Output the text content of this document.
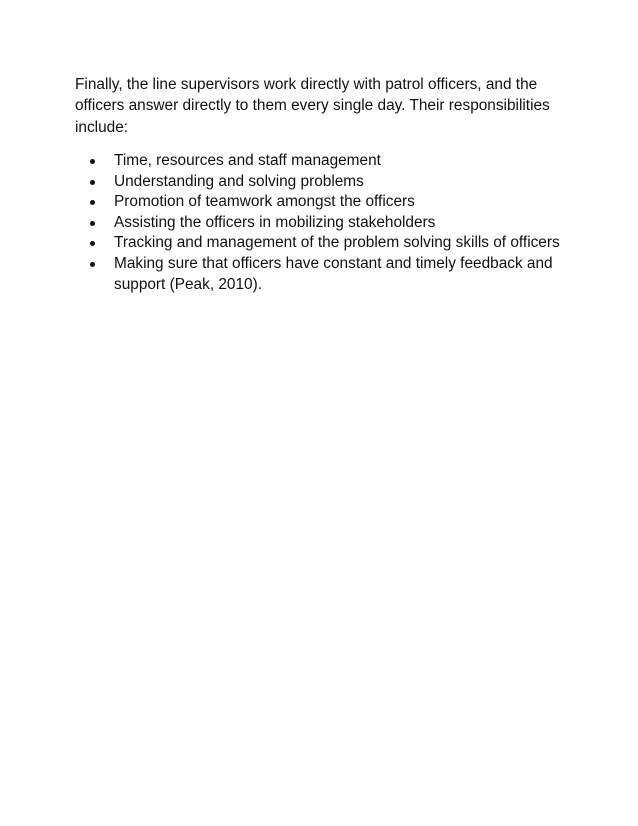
Finally, the line supervisors work directly with patrol officers, and the officers answer directly to them every single day. Their responsibilities include:

Time, resources and staff management
Understanding and solving problems
Promotion of teamwork amongst the officers
Assisting the officers in mobilizing stakeholders
Tracking and management of the problem solving skills of officers
Making sure that officers have constant and timely feedback and support (Peak, 2010).
